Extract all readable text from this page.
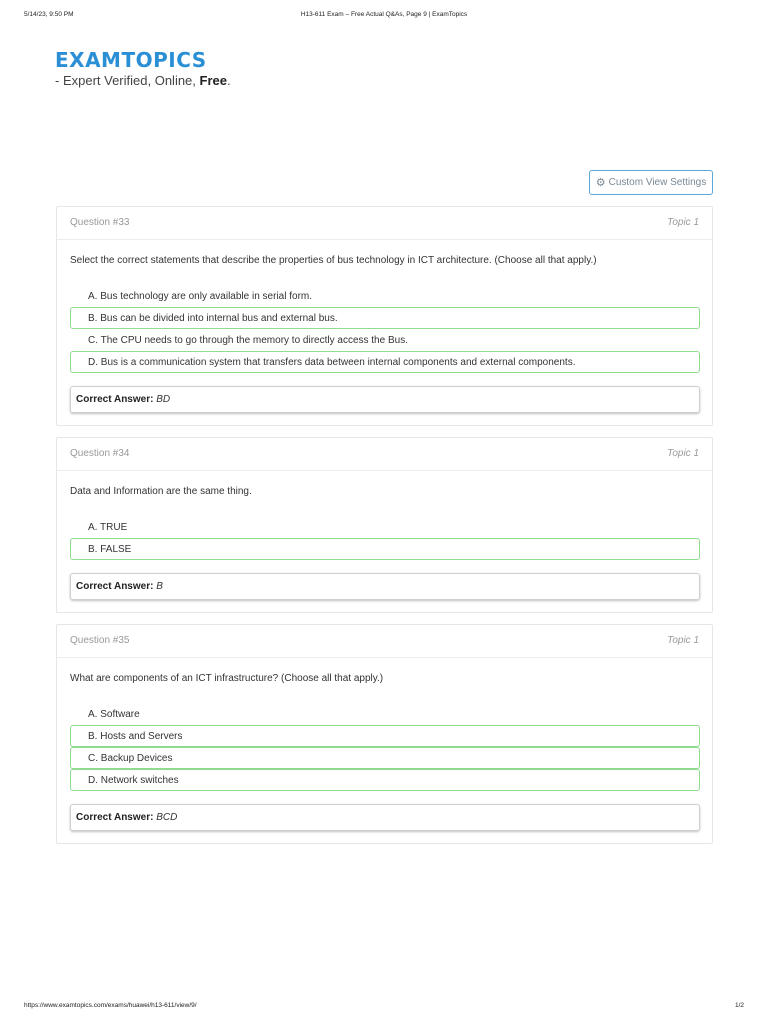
5/14/23, 9:50 PM	H13-611 Exam – Free Actual Q&As, Page 9 | ExamTopics
EXAMTOPICS
- Expert Verified, Online, Free.
⚙ Custom View Settings
Question #33	Topic 1
Select the correct statements that describe the properties of bus technology in ICT architecture. (Choose all that apply.)
A. Bus technology are only available in serial form.
B. Bus can be divided into internal bus and external bus.
C. The CPU needs to go through the memory to directly access the Bus.
D. Bus is a communication system that transfers data between internal components and external components.
Correct Answer: BD
Question #34	Topic 1
Data and Information are the same thing.
A. TRUE
B. FALSE
Correct Answer: B
Question #35	Topic 1
What are components of an ICT infrastructure? (Choose all that apply.)
A. Software
B. Hosts and Servers
C. Backup Devices
D. Network switches
Correct Answer: BCD
https://www.examtopics.com/exams/huawei/h13-611/view/9/	1/2
